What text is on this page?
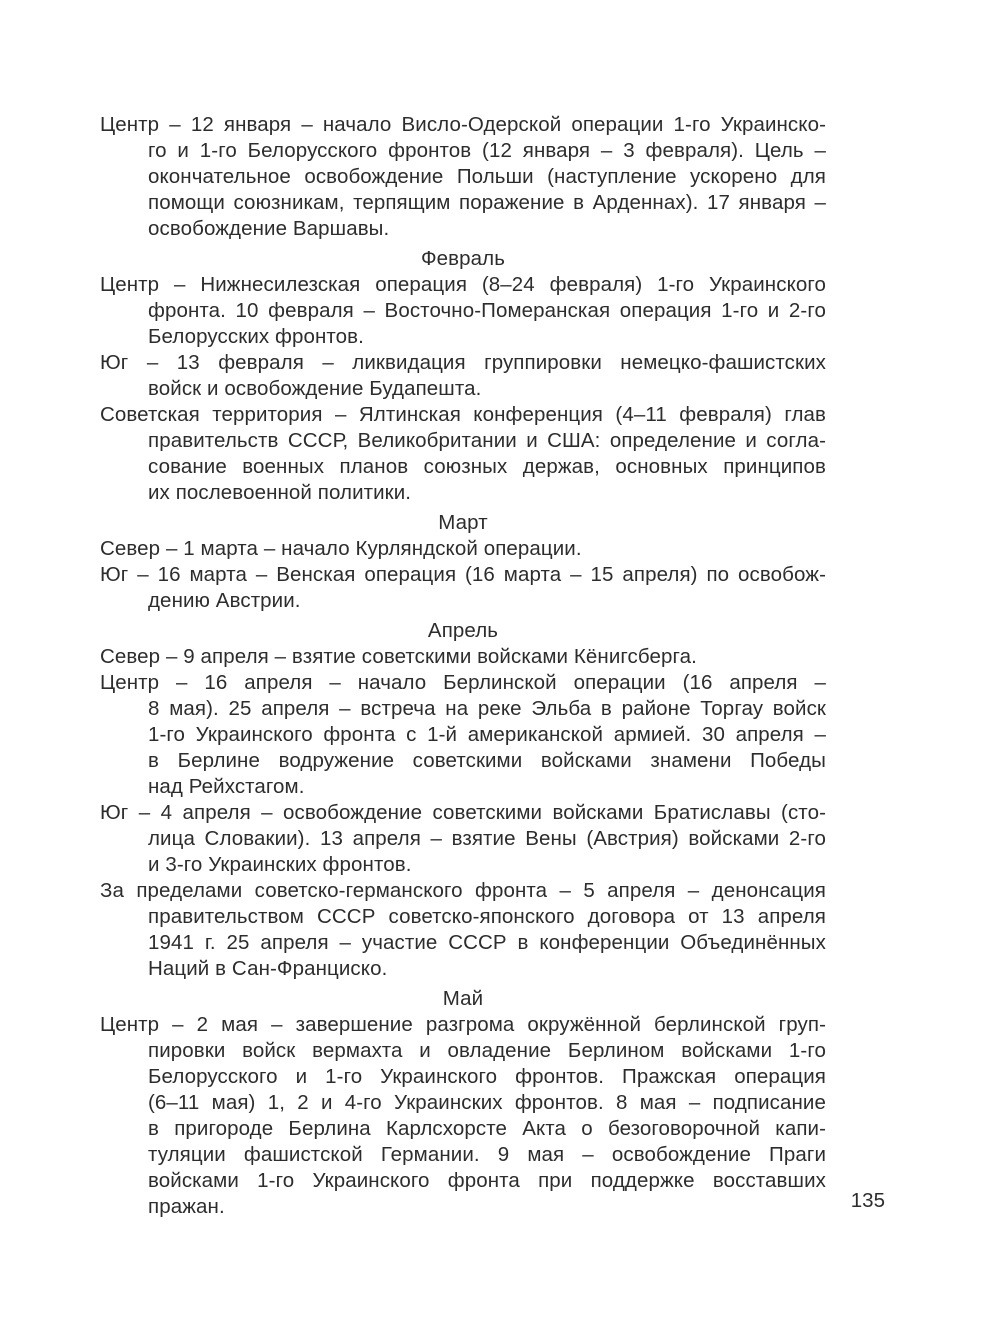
Центр – 12 января – начало Висло-Одерской операции 1-го Украинско-
го и 1-го Белорусского фронтов (12 января – 3 февраля). Цель –
окончательное освобождение Польши (наступление ускорено для
помощи союзникам, терпящим поражение в Арденнах). 17 января –
освобождение Варшавы.
Февраль
Центр – Нижнесилезская операция (8–24 февраля) 1-го Украинского
фронта. 10 февраля – Восточно-Померанская операция 1-го и 2-го
Белорусских фронтов.
Юг – 13 февраля – ликвидация группировки немецко-фашистских
войск и освобождение Будапешта.
Советская территория – Ялтинская конференция (4–11 февраля) глав
правительств СССР, Великобритании и США: определение и согла-
сование военных планов союзных держав, основных принципов
их послевоенной политики.
Март
Север – 1 марта – начало Курляндской операции.
Юг – 16 марта – Венская операция (16 марта – 15 апреля) по освобож-
дению Австрии.
Апрель
Север – 9 апреля – взятие советскими войсками Кёнигсберга.
Центр – 16 апреля – начало Берлинской операции (16 апреля –
8 мая). 25 апреля – встреча на реке Эльба в районе Торгау войск
1-го Украинского фронта с 1-й американской армией. 30 апреля –
в Берлине водружение советскими войсками знамени Победы
над Рейхстагом.
Юг – 4 апреля – освобождение советскими войсками Братиславы (сто-
лица Словакии). 13 апреля – взятие Вены (Австрия) войсками 2-го
и 3-го Украинских фронтов.
За пределами советско-германского фронта – 5 апреля – денонсация
правительством СССР советско-японского договора от 13 апреля
1941 г. 25 апреля – участие СССР в конференции Объединённых
Наций в Сан-Франциско.
Май
Центр – 2 мая – завершение разгрома окружённой берлинской груп-
пировки войск вермахта и овладение Берлином войсками 1-го
Белорусского и 1-го Украинского фронтов. Пражская операция
(6–11 мая) 1, 2 и 4-го Украинских фронтов. 8 мая – подписание
в пригороде Берлина Карлсхорсте Акта о безоговорочной капи-
туляции фашистской Германии. 9 мая – освобождение Праги
войсками 1-го Украинского фронта при поддержке восставших
пражан.	135
